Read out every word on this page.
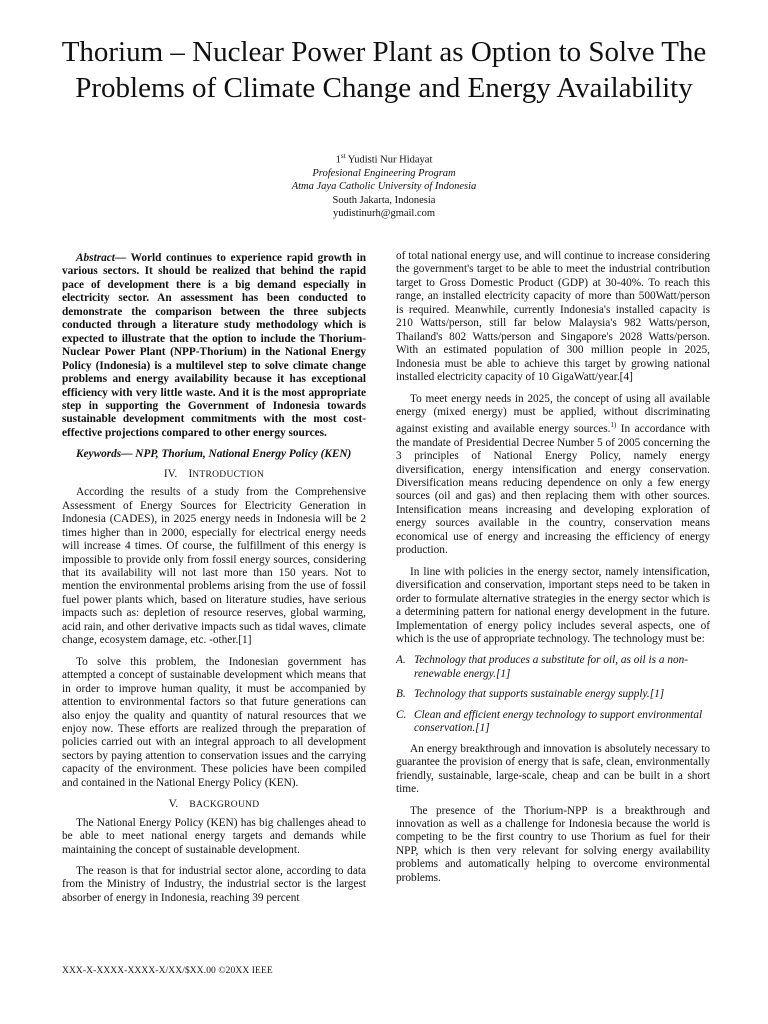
Thorium – Nuclear Power Plant as Option to Solve The Problems of Climate Change and Energy Availability
1st Yudisti Nur Hidayat
Profesional Engineering Program
Atma Jaya Catholic University of Indonesia
South Jakarta, Indonesia
yudistinurh@gmail.com

Abstract— World continues to experience rapid growth in various sectors. It should be realized that behind the rapid pace of development there is a big demand especially in electricity sector. An assessment has been conducted to demonstrate the comparison between the three subjects conducted through a literature study methodology which is expected to illustrate that the option to include the Thorium-Nuclear Power Plant (NPP-Thorium) in the National Energy Policy (Indonesia) is a multilevel step to solve climate change problems and energy availability because it has exceptional efficiency with very little waste. And it is the most appropriate step in supporting the Government of Indonesia towards sustainable development commitments with the most cost-effective projections compared to other energy sources.

Keywords— NPP, Thorium, National Energy Policy (KEN)

IV. INTRODUCTION

According the results of a study from the Comprehensive Assessment of Energy Sources for Electricity Generation in Indonesia (CADES), in 2025 energy needs in Indonesia will be 2 times higher than in 2000, especially for electrical energy needs will increase 4 times. Of course, the fulfillment of this energy is impossible to provide only from fossil energy sources, considering that its availability will not last more than 150 years. Not to mention the environmental problems arising from the use of fossil fuel power plants which, based on literature studies, have serious impacts such as: depletion of resource reserves, global warming, acid rain, and other derivative impacts such as tidal waves, climate change, ecosystem damage, etc. -other.[1]

To solve this problem, the Indonesian government has attempted a concept of sustainable development which means that in order to improve human quality, it must be accompanied by attention to environmental factors so that future generations can also enjoy the quality and quantity of natural resources that we enjoy now. These efforts are realized through the preparation of policies carried out with an integral approach to all development sectors by paying attention to conservation issues and the carrying capacity of the environment. These policies have been compiled and contained in the National Energy Policy (KEN).

V. BACKGROUND

The National Energy Policy (KEN) has big challenges ahead to be able to meet national energy targets and demands while maintaining the concept of sustainable development.

The reason is that for industrial sector alone, according to data from the Ministry of Industry, the industrial sector is the largest absorber of energy in Indonesia, reaching 39 percent

of total national energy use, and will continue to increase considering the government's target to be able to meet the industrial contribution target to Gross Domestic Product (GDP) at 30-40%. To reach this range, an installed electricity capacity of more than 500Watt/person is required. Meanwhile, currently Indonesia's installed capacity is 210 Watts/person, still far below Malaysia's 982 Watts/person, Thailand's 802 Watts/person and Singapore's 2028 Watts/person. With an estimated population of 300 million people in 2025, Indonesia must be able to achieve this target by growing national installed electricity capacity of 10 GigaWatt/year.[4]

To meet energy needs in 2025, the concept of using all available energy (mixed energy) must be applied, without discriminating against existing and available energy sources.$^{1)}$ In accordance with the mandate of Presidential Decree Number 5 of 2005 concerning the 3 principles of National Energy Policy, namely energy diversification, energy intensification and energy conservation. Diversification means reducing dependence on only a few energy sources (oil and gas) and then replacing them with other sources. Intensification means increasing and developing exploration of energy sources available in the country, conservation means economical use of energy and increasing the efficiency of energy production.

In line with policies in the energy sector, namely intensification, diversification and conservation, important steps need to be taken in order to formulate alternative strategies in the energy sector which is a determining pattern for national energy development in the future. Implementation of energy policy includes several aspects, one of which is the use of appropriate technology. The technology must be:

A. Technology that produces a substitute for oil, as oil is a non-renewable energy.[1]
B. Technology that supports sustainable energy supply.[1]
C. Clean and efficient energy technology to support environmental conservation.[1]

An energy breakthrough and innovation is absolutely necessary to guarantee the provision of energy that is safe, clean, environmentally friendly, sustainable, large-scale, cheap and can be built in a short time.

The presence of the Thorium-NPP is a breakthrough and innovation as well as a challenge for Indonesia because the world is competing to be the first country to use Thorium as fuel for their NPP, which is then very relevant for solving energy availability problems and automatically helping to overcome environmental problems.

XXX-X-XXXX-XXXX-X/XX/$XX.00 ©20XX IEEE
